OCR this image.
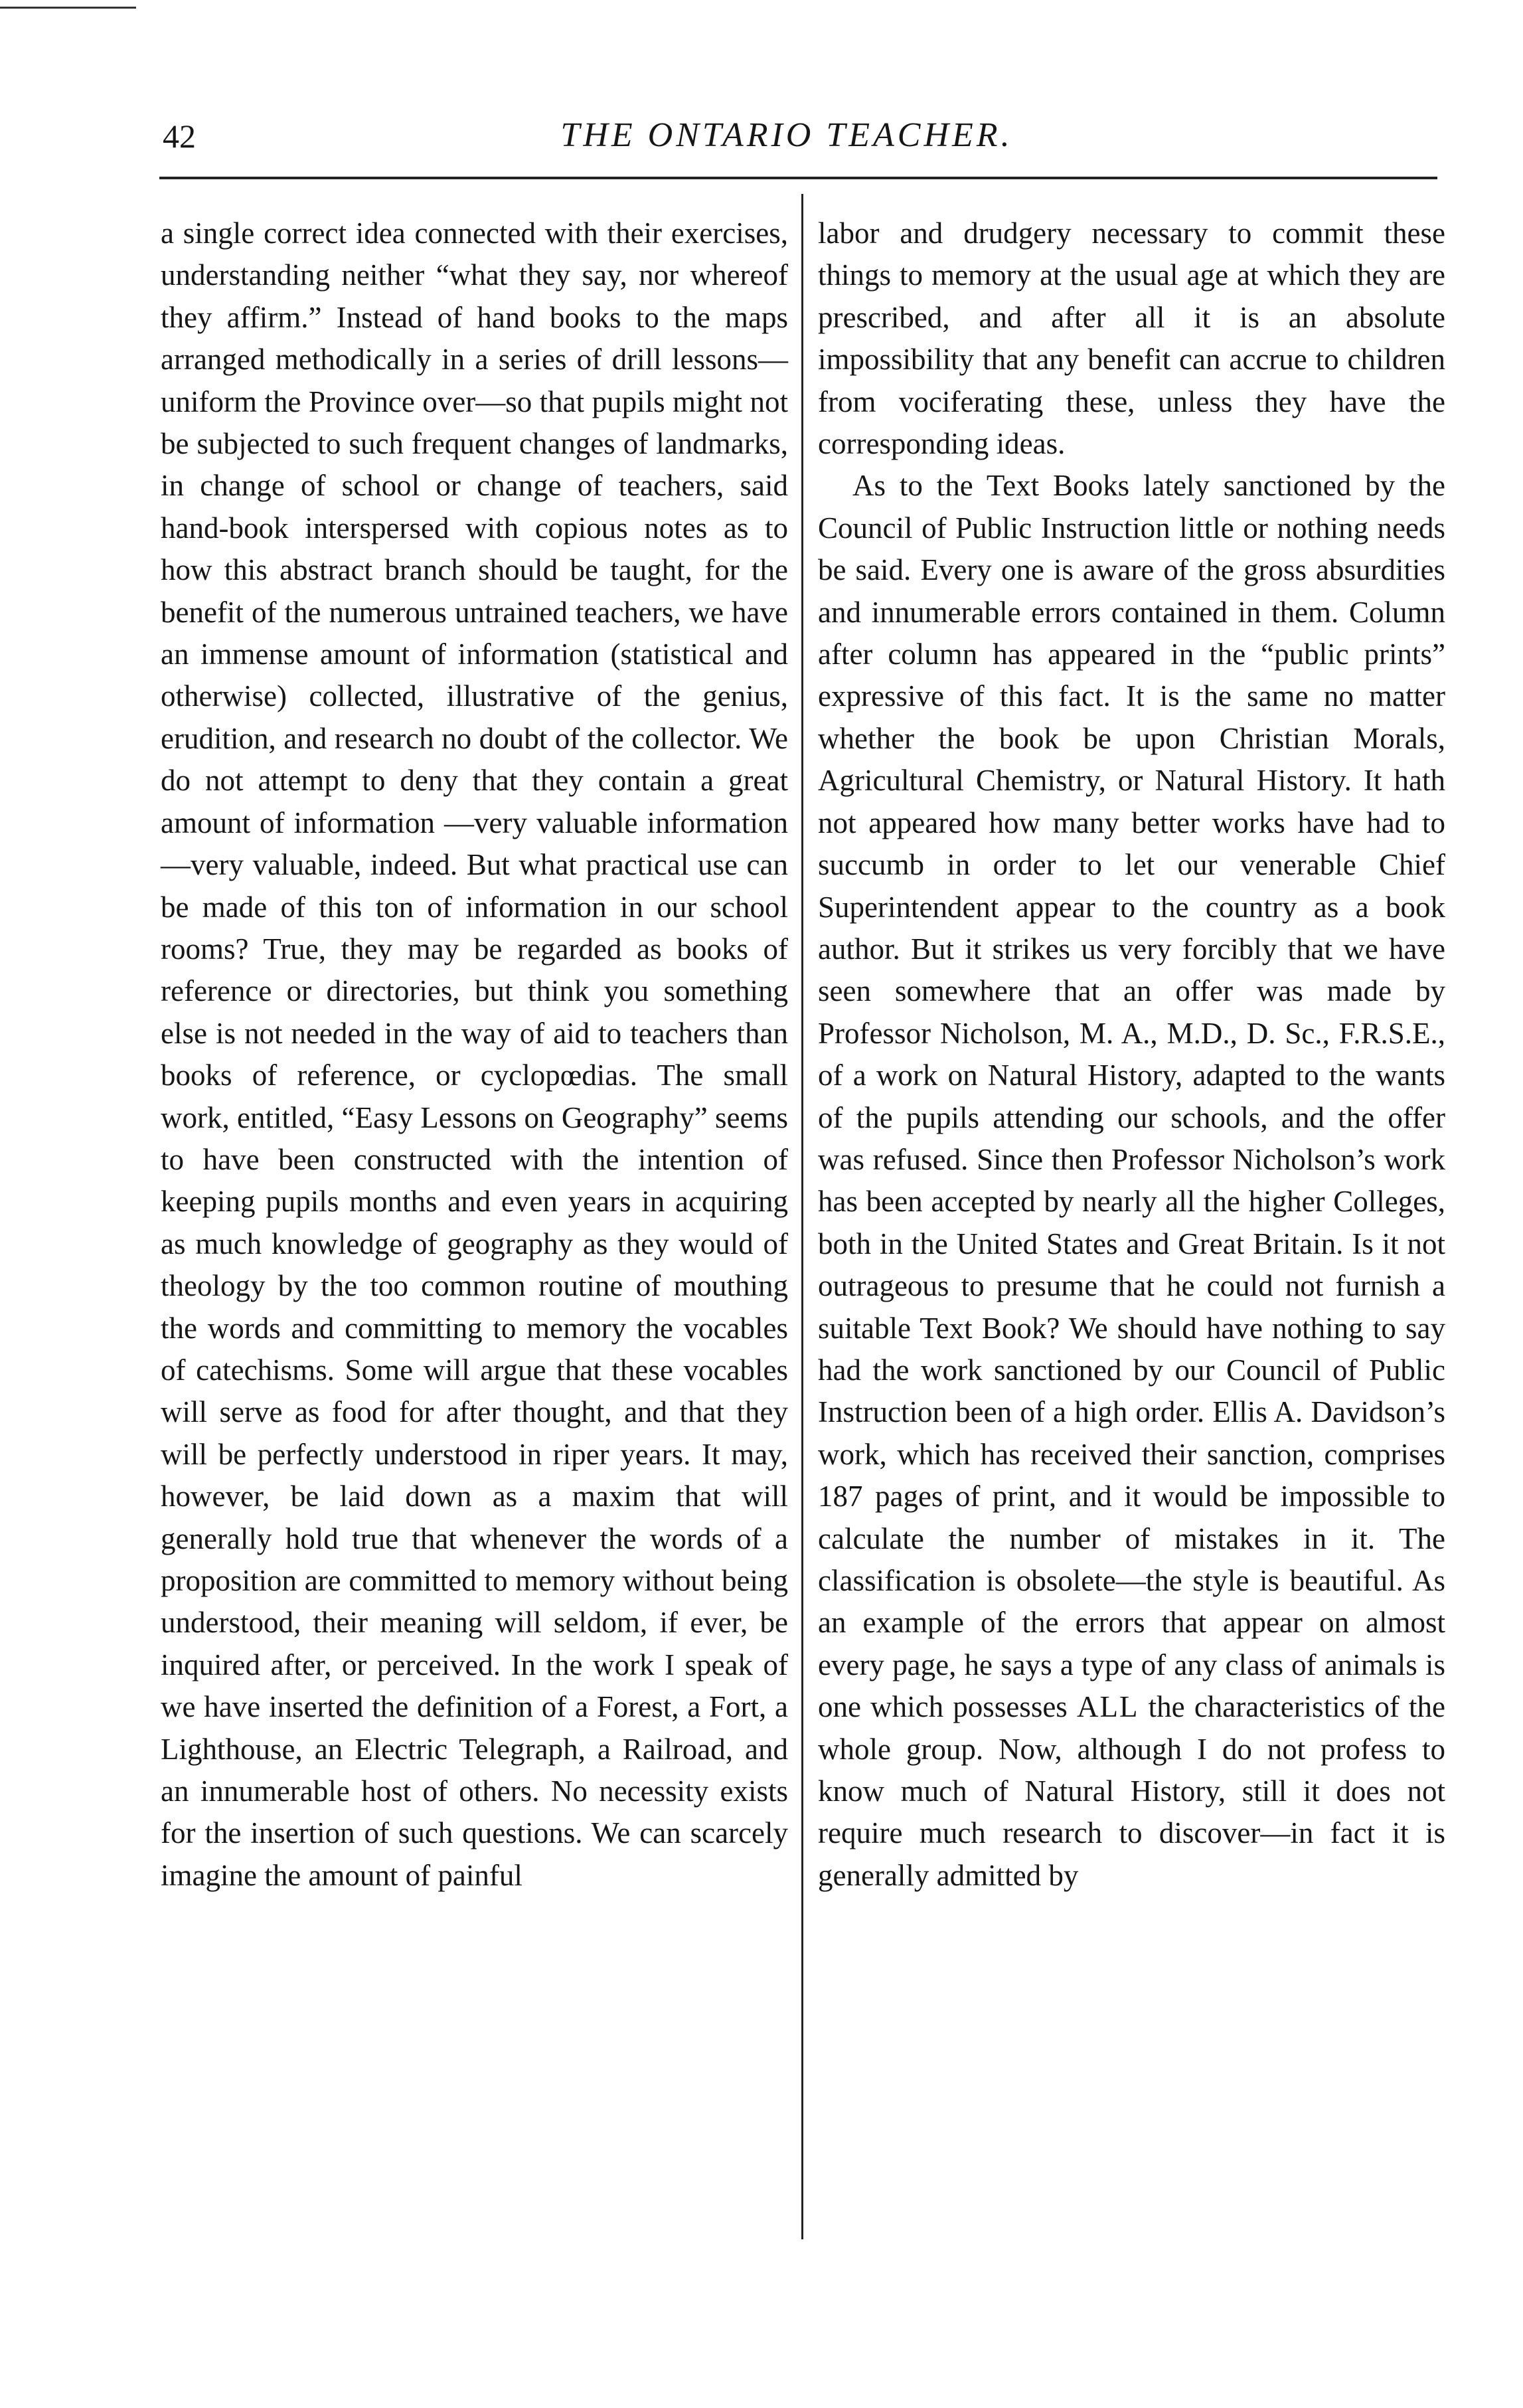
42	THE ONTARIO TEACHER.

a single correct idea connected with their exercises, understanding neither “what they say, nor whereof they affirm.” Instead of hand books to the maps arranged methodically in a series of drill lessons—uniform the Province over—so that pupils might not be subjected to such frequent changes of landmarks, in change of school or change of teachers, said hand-book interspersed with copious notes as to how this abstract branch should be taught, for the benefit of the numerous untrained teachers, we have an immense amount of information (statistical and otherwise) collected, illustrative of the genius, erudition, and research no doubt of the collector. We do not attempt to deny that they contain a great amount of information —very valuable information—very valuable, indeed. But what practical use can be made of this ton of information in our school rooms? True, they may be regarded as books of reference or directories, but think you something else is not needed in the way of aid to teachers than books of reference, or cyclopœdias. The small work, entitled, “Easy Lessons on Geography” seems to have been constructed with the intention of keeping pupils months and even years in acquiring as much knowledge of geography as they would of theology by the too common routine of mouthing the words and committing to memory the vocables of catechisms. Some will argue that these vocables will serve as food for after thought, and that they will be perfectly understood in riper years. It may, however, be laid down as a maxim that will generally hold true that whenever the words of a proposition are committed to memory without being understood, their meaning will seldom, if ever, be inquired after, or perceived. In the work I speak of we have inserted the definition of a Forest, a Fort, a Lighthouse, an Electric Telegraph, a Railroad, and an innumerable host of others. No necessity exists for the insertion of such questions. We can scarcely imagine the amount of painful

labor and drudgery necessary to commit these things to memory at the usual age at which they are prescribed, and after all it is an absolute impossibility that any benefit can accrue to children from vociferating these, unless they have the corresponding ideas.

As to the Text Books lately sanctioned by the Council of Public Instruction little or nothing needs be said. Every one is aware of the gross absurdities and innumerable errors contained in them. Column after column has appeared in the “public prints” expressive of this fact. It is the same no matter whether the book be upon Christian Morals, Agricultural Chemistry, or Natural History. It hath not appeared how many better works have had to succumb in order to let our venerable Chief Superintendent appear to the country as a book author. But it strikes us very forcibly that we have seen somewhere that an offer was made by Professor Nicholson, M. A., M.D., D. Sc., F.R.S.E., of a work on Natural History, adapted to the wants of the pupils attending our schools, and the offer was refused. Since then Professor Nicholson’s work has been accepted by nearly all the higher Colleges, both in the United States and Great Britain. Is it not outrageous to presume that he could not furnish a suitable Text Book? We should have nothing to say had the work sanctioned by our Council of Public Instruction been of a high order. Ellis A. Davidson’s work, which has received their sanction, comprises 187 pages of print, and it would be impossible to calculate the number of mistakes in it. The classification is obsolete—the style is beautiful. As an example of the errors that appear on almost every page, he says a type of any class of animals is one which possesses ALL the characteristics of the whole group. Now, although I do not profess to know much of Natural History, still it does not require much research to discover—in fact it is generally admitted by
